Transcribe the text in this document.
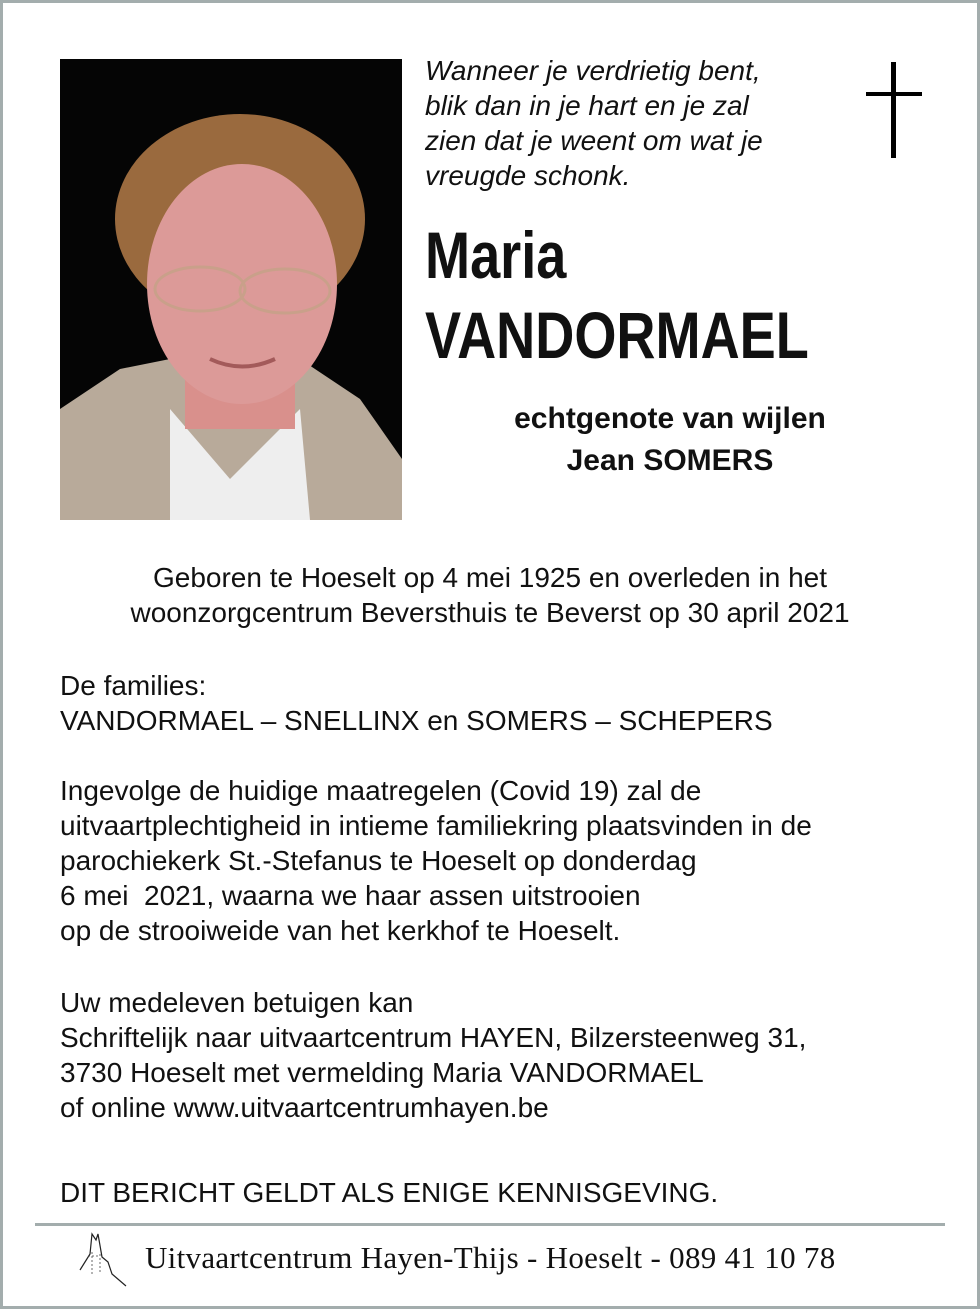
Wanneer je verdrietig bent,
blik dan in je hart en je zal
zien dat je weent om wat je
vreugde schonk.
Maria
VANDORMAEL
echtgenote van wijlen
Jean SOMERS
Geboren te Hoeselt op 4 mei 1925 en overleden in het
woonzorgcentrum Beversthuis te Beverst op 30 april 2021
De families:
VANDORMAEL – SNELLINX en SOMERS – SCHEPERS
Ingevolge de huidige maatregelen (Covid 19) zal de
uitvaartplechtigheid in intieme familiekring plaatsvinden in de
parochiekerk St.-Stefanus te Hoeselt op donderdag
6 mei  2021, waarna we haar assen uitstrooien
op de strooiweide van het kerkhof te Hoeselt.
Uw medeleven betuigen kan
Schriftelijk naar uitvaartcentrum HAYEN, Bilzersteenweg 31,
3730 Hoeselt met vermelding Maria VANDORMAEL
of online www.uitvaartcentrumhayen.be
DIT BERICHT GELDT ALS ENIGE KENNISGEVING.
Uitvaartcentrum Hayen-Thijs - Hoeselt - 089 41 10 78
